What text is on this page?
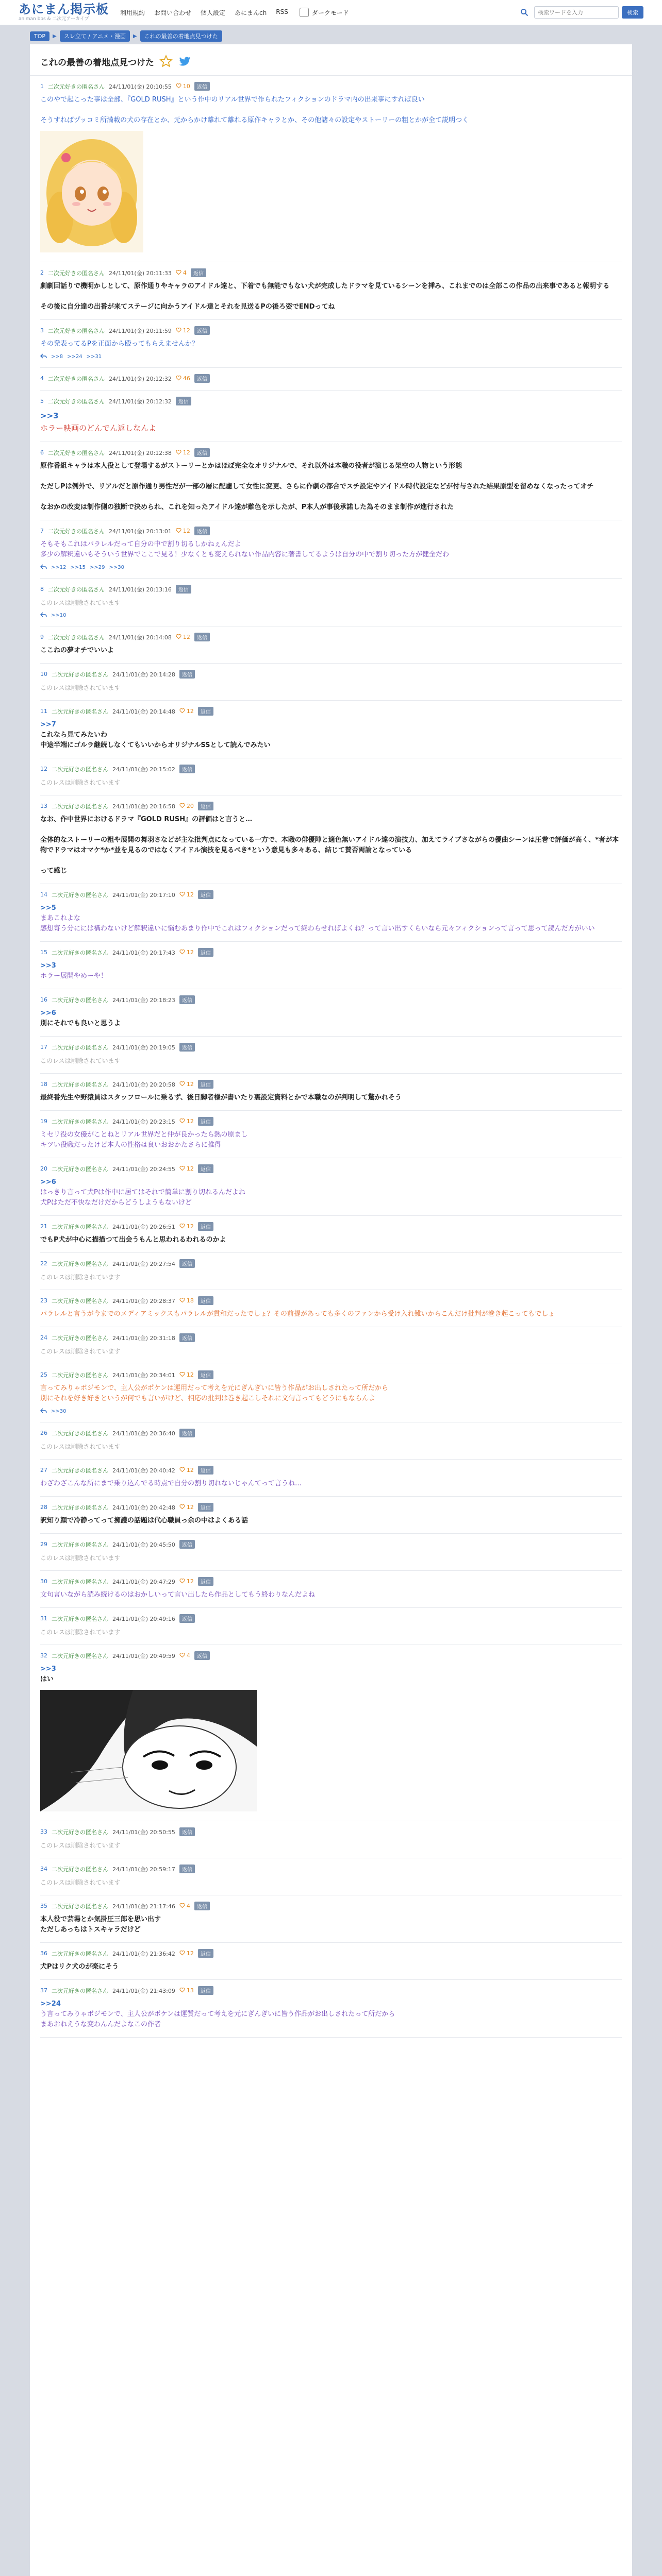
あにまん掲示板
animan bbs & 二次元アーカイブ
利用規約 お問い合わせ 個人設定 あにまんch RSS	ダークモード
検索ワードを入力	検索
TOP	▶	スレ立て / アニメ・漫画	▶	これの最善の着地点見つけた
これの最善の着地点見つけた
1 二次元好きの匿名さん 24/11/01(金) 20:10:55 10	返信
このやで起こった事は全部、『GOLD RUSH』という作中のリアル世界で作られたフィクションのドラマ内の出来事にすれば良い
そうすればヅッコミ所満載の犬の存在とか、元からかけ離れて離れる原作キャラとか、その他諸々の設定やストーリーの粗とかが全て説明つく
2 二次元好きの匿名さん 24/11/01(金) 20:11:33 4	返信
劇劇回話りで機明かしとして、原作通りやキャラのアイドル達と、下着でも無能でもない犬が完成したドラマを見ているシーンを挿み、これまでのは全部この作品の出来事であると報明する
その後に自分達の出番が来てステージに向かうアイドル達とそれを見送るPの後ろ姿でENDってね
3 二次元好きの匿名さん 24/11/01(金) 20:11:59 12	返信
その発表ってるPを正面から殴ってもらえませんか？
>>8 >>24 >>31
4 二次元好きの匿名さん 24/11/01(金) 20:12:32 46	返信
5 二次元好きの匿名さん 24/11/01(金) 20:12:32	返信
>>3
ホラー映画のどんでん返しなんよ
6 二次元好きの匿名さん 24/11/01(金) 20:12:38 12	返信
原作番組キャラは本人役として登場するがストーリーとかはほぼ完全なオリジナルで、それ以外は本職の役者が演じる架空の人物という形態
ただしPは例外で、リアルだと原作通り男性だが一部の層に配慮して女性に変更、さらに作劇の都合でスチ設定やアイドル時代設定などが付与された結果原型を留めなくなったってオチ
なおかの改変は制作側の独断で決められ、これを知ったアイドル達が難色を示したが、P本人が事後承諾した為そのまま制作が進行された
7 二次元好きの匿名さん 24/11/01(金) 20:13:01 12	返信
そもそもこれはパラレルだって自分の中で割り切るしかねぇんだよ
多少の解釈違いもそういう世界でここで見る！少なくとも変えられない作品内容に著書してるようは自分の中で割り切った方が健全だわ
>>12 >>15 >>29 >>30
8 二次元好きの匿名さん 24/11/01(金) 20:13:16	返信
このレスは削除されています
>>10
9 二次元好きの匿名さん 24/11/01(金) 20:14:08 12	返信
ここねの夢オチでいいよ
10 二次元好きの匿名さん 24/11/01(金) 20:14:28	返信
このレスは削除されています
11 二次元好きの匿名さん 24/11/01(金) 20:14:48 12	返信
>>7
これなら見てみたいわ
中途半端にゴルラ継続しなくてもいいからオリジナルSSとして読んでみたい
12 二次元好きの匿名さん 24/11/01(金) 20:15:02	返信
このレスは削除されています
13 二次元好きの匿名さん 24/11/01(金) 20:16:58 20	返信
なお、作中世界におけるドラマ『GOLD RUSH』の評価はと言うと…
全体的なストーリーの粗や展開の舞羽さなどが主な批判点になっている一方で、本職の俳優陣と適色無いアイドル達の演技力、加えてライブさながらの優曲シーンは圧巻で評価が高く、*者が本物でドラマはオマケ*か*並を見るのではなくアイドル演技を見るべき*という意見も多々ある、結じて賛否両論となっている
って感じ
14 二次元好きの匿名さん 24/11/01(金) 20:17:10 12	返信
>>5
まあこれよな
感想寄う分にには構わないけど解釈違いに悩むあまり作中でこれはフィクションだって終わらせればよくね？って言い出すくらいなら元々フィクションって言って思って読んだ方がいい
15 二次元好きの匿名さん 24/11/01(金) 20:17:43 12	返信
>>3
ホラー展開やめーや！
16 二次元好きの匿名さん 24/11/01(金) 20:18:23	返信
>>6
別にそれでも良いと思うよ
17 二次元好きの匿名さん 24/11/01(金) 20:19:05	返信
このレスは削除されています
18 二次元好きの匿名さん 24/11/01(金) 20:20:58 12	返信
最終番先生や野猿員はスタッフロールに乗るず、後日脚者様が書いたり裏設定資料とかで本職なのが判明して驚かれそう
19 二次元好きの匿名さん 24/11/01(金) 20:23:15 12	返信
ミセリ役の女優がことねとリアル世界だと仲が良かったら熱の原まし
キツい役職だったけど本人の性格は良いおおかたさらに推得
20 二次元好きの匿名さん 24/11/01(金) 20:24:55 12	返信
>>6
はっきり言って犬Pは作中に居てはそれで簡単に割り切れるんだよね
犬Pはただ不快なだけだからどうしようもないけど
21 二次元好きの匿名さん 24/11/01(金) 20:26:51 12	返信
でもP犬が中心に描描つて出会うもんと思われるわれるのかよ
22 二次元好きの匿名さん 24/11/01(金) 20:27:54	返信
このレスは削除されています
23 二次元好きの匿名さん 24/11/01(金) 20:28:37 18	返信
パラレルと言うが今までのメディアミックスもパラレルが貫和だったでしょ？その前提があっても多くのファンから受け入れ難いからこんだけ批判が巻き起こってもでしょ
24 二次元好きの匿名さん 24/11/01(金) 20:31:18	返信
このレスは削除されています
25 二次元好きの匿名さん 24/11/01(金) 20:34:01 12	返信
言ってみりゃボジモンで、主人公がポケンは運用だって考えを元にぎんぎいに皆う作品がお出しされたって所だから
別にそれを好き好きというが何でも言いがけど、相応の批判は巻き起こしそれに文句言ってもどうにもならんよ
>>30
26 二次元好きの匿名さん 24/11/01(金) 20:36:40	返信
このレスは削除されています
27 二次元好きの匿名さん 24/11/01(金) 20:40:42 12	返信
わざわざこんな所にまで乗り込んでる時点で自分の割り切れないじゃんてって言うね…
28 二次元好きの匿名さん 24/11/01(金) 20:42:48 12	返信
訳知り顔で冷静ってって擁護の話題は代心職員っ余の中はよくある話
29 二次元好きの匿名さん 24/11/01(金) 20:45:50	返信
このレスは削除されています
30 二次元好きの匿名さん 24/11/01(金) 20:47:29 12	返信
文句言いながら読み続けるのはおかしいって言い出したら作品としてもう終わりなんだよね
31 二次元好きの匿名さん 24/11/01(金) 20:49:16	返信
このレスは削除されています
32 二次元好きの匿名さん 24/11/01(金) 20:49:59 4	返信
>>3
はい
33 二次元好きの匿名さん 24/11/01(金) 20:50:55	返信
このレスは削除されています
34 二次元好きの匿名さん 24/11/01(金) 20:59:17	返信
このレスは削除されています
35 二次元好きの匿名さん 24/11/01(金) 21:17:46 4	返信
本人役で芸場とか気掛圧三郎を思い出す
ただしあっちはトスキャラだけど
36 二次元好きの匿名さん 24/11/01(金) 21:36:42 12	返信
犬Pはリク犬のが楽にそう
37 二次元好きの匿名さん 24/11/01(金) 21:43:09 13	返信
>>24
う言ってみりゃボジモンで、主人公がポケンは運質だって考えを元にぎんぎいに皆う作品がお出しされたって所だから
まあおねえうな変わんんだよなこの作者
